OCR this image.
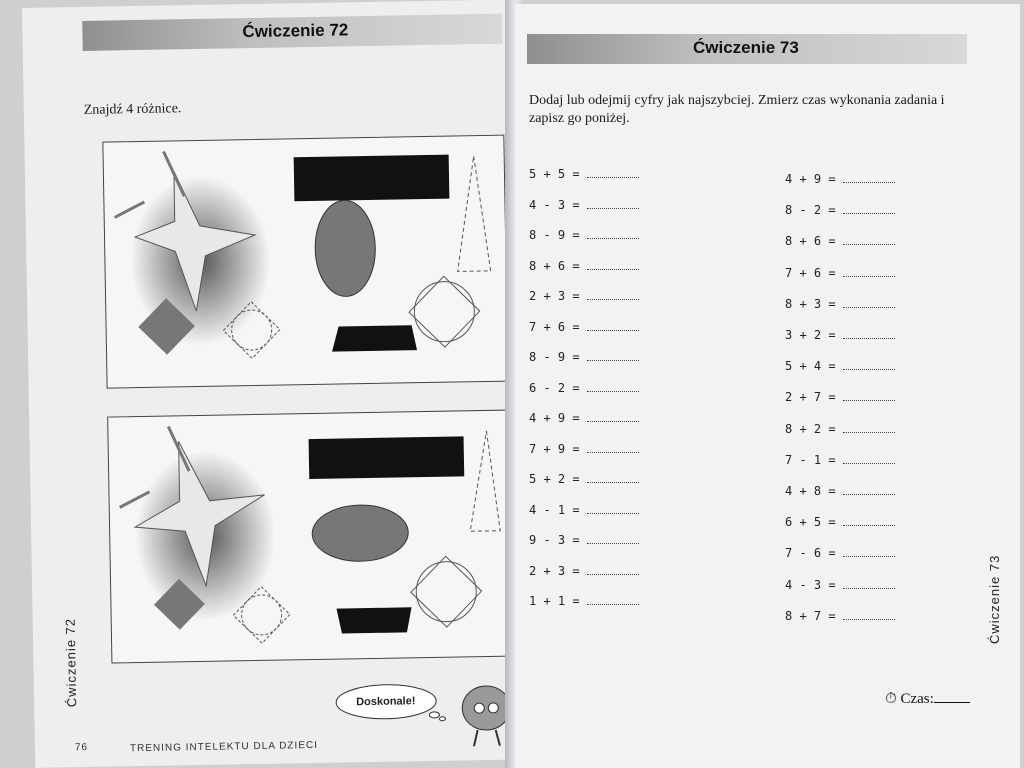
Ćwiczenie 72
Znajdź 4 różnice.
Ćwiczenie 72	Doskonale!
76	TRENING INTELEKTU DLA DZIECI
Ćwiczenie 73
Dodaj lub odejmij cyfry jak najszybciej. Zmierz czas wykonania zadania i zapisz go poniżej.
5 + 5 =
4 - 3 =
8 - 9 =
8 + 6 =
2 + 3 =
7 + 6 =
8 - 9 =
6 - 2 =
4 + 9 =
7 + 9 =
5 + 2 =
4 - 1 =
9 - 3 =
2 + 3 =
1 + 1 =
4 + 9 =
8 - 2 =
8 + 6 =
7 + 6 =
8 + 3 =
3 + 2 =
5 + 4 =
2 + 7 =
8 + 2 =
7 - 1 =
4 + 8 =
6 + 5 =
7 - 6 =
4 - 3 =
8 + 7 =
⏱ Czas:
Ćwiczenie 73
